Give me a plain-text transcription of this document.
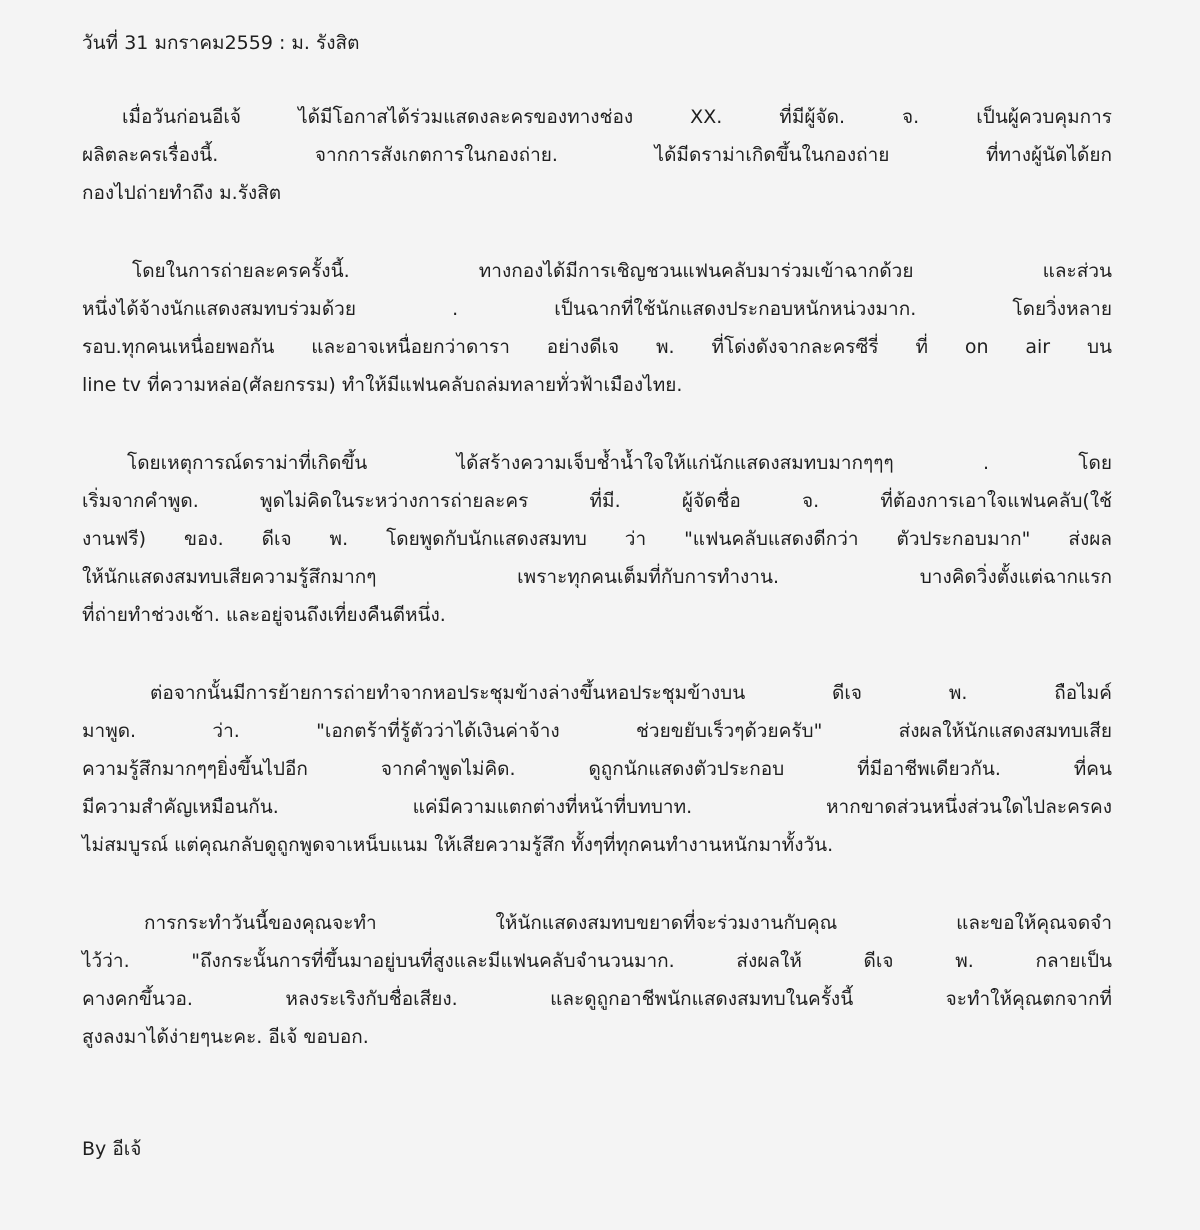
วันที่ 31 มกราคม2559 : ม. รังสิต
เมื่อวันก่อนอีเจ้ ได้มีโอกาสได้ร่วมแสดงละครของทางช่อง XX. ที่มีผู้จัด. จ. เป็นผู้ควบคุมการ
ผลิตละครเรื่องนี้. จากการสังเกตการในกองถ่าย. ได้มีดราม่าเกิดขึ้นในกองถ่าย ที่ทางผู้นัดได้ยก
กองไปถ่ายทำถึง ม.รังสิต
โดยในการถ่ายละครครั้งนี้. ทางกองได้มีการเชิญชวนแฟนคลับมาร่วมเข้าฉากด้วย และส่วน
หนึ่งได้จ้างนักแสดงสมทบร่วมด้วย . เป็นฉากที่ใช้นักแสดงประกอบหนักหน่วงมาก. โดยวิ่งหลาย
รอบ.ทุกคนเหนื่อยพอกัน และอาจเหนื่อยกว่าดารา อย่างดีเจ พ. ที่โด่งดังจากละครซีรี่ ที่ on air บน
line tv ที่ความหล่อ(ศัลยกรรม) ทำให้มีแฟนคลับถล่มทลายทั่วฟ้าเมืองไทย.
โดยเหตุการณ์ดราม่าที่เกิดขึ้น ได้สร้างความเจ็บช้ำน้ำใจให้แก่นักแสดงสมทบมากๆๆๆ . โดย
เริ่มจากคำพูด. พูดไม่คิดในระหว่างการถ่ายละคร ที่มี. ผู้จัดชื่อ จ. ที่ต้องการเอาใจแฟนคลับ(ใช้
งานฟรี) ของ. ดีเจ พ. โดยพูดกับนักแสดงสมทบ ว่า "แฟนคลับแสดงดีกว่า ตัวประกอบมาก" ส่งผล
ให้นักแสดงสมทบเสียความรู้สึกมากๆ เพราะทุกคนเต็มที่กับการทำงาน. บางคิดวิ่งตั้งแต่ฉากแรก
ที่ถ่ายทำช่วงเช้า. และอยู่จนถึงเที่ยงคืนตีหนึ่ง.
ต่อจากนั้นมีการย้ายการถ่ายทำจากหอประชุมข้างล่างขึ้นหอประชุมข้างบน ดีเจ พ. ถือไมค์
มาพูด. ว่า. "เอกตร้าที่รู้ตัวว่าได้เงินค่าจ้าง ช่วยขยับเร็วๆด้วยครับ" ส่งผลให้นักแสดงสมทบเสีย
ความรู้สึกมากๆๆยิ่งขึ้นไปอีก จากคำพูดไม่คิด. ดูถูกนักแสดงตัวประกอบ ที่มีอาชีพเดียวกัน. ที่คน
มีความสำคัญเหมือนกัน. แค่มีความแตกต่างที่หน้าที่บทบาท. หากขาดส่วนหนึ่งส่วนใดไปละครคง
ไม่สมบูรณ์ แต่คุณกลับดูถูกพูดจาเหน็บแนม ให้เสียความรู้สึก ทั้งๆที่ทุกคนทำงานหนักมาทั้งวัน.
การกระทำวันนี้ของคุณจะทำ ให้นักแสดงสมทบขยาดที่จะร่วมงานกับคุณ และขอให้คุณจดจำ
ไว้ว่า. "ถึงกระนั้นการที่ขึ้นมาอยู่บนที่สูงและมีแฟนคลับจำนวนมาก. ส่งผลให้ ดีเจ พ. กลายเป็น
คางคกขึ้นวอ. หลงระเริงกับชื่อเสียง. และดูถูกอาชีพนักแสดงสมทบในครั้งนี้ จะทำให้คุณตกจากที่
สูงลงมาได้ง่ายๆนะคะ. อีเจ้ ขอบอก.
By อีเจ้
